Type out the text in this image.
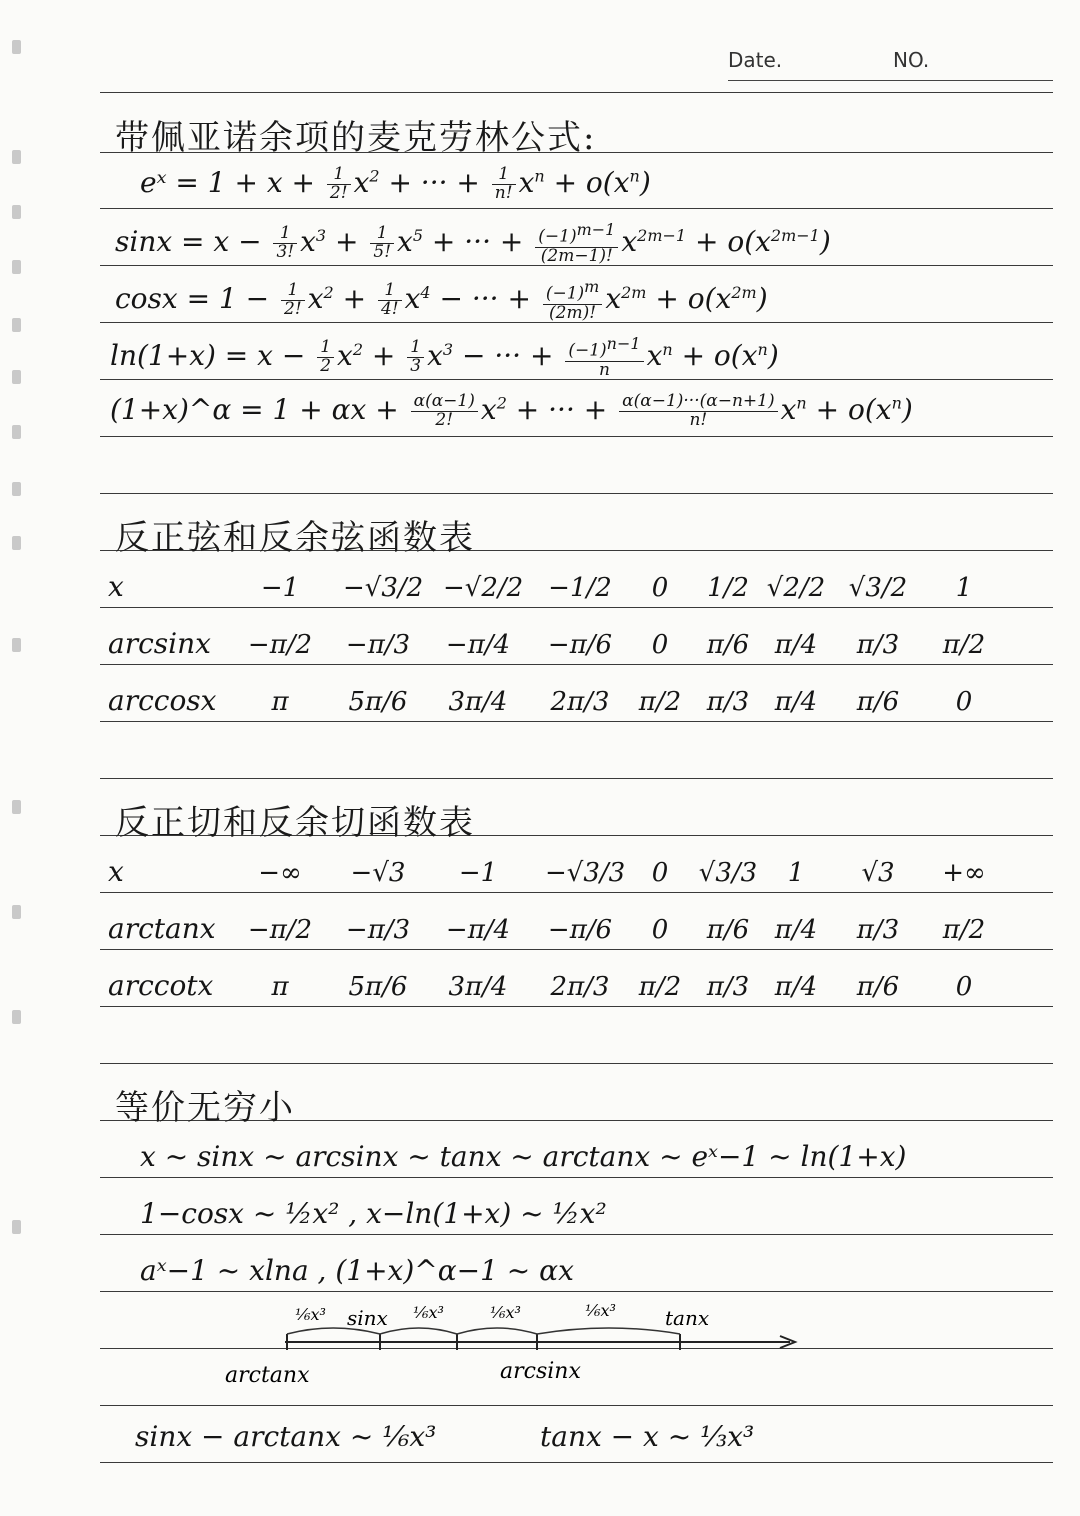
Date.	NO.
带佩亚诺余项的麦克劳林公式:
eˣ = $1 + x + \frac{1}{2!} x^2$ + ··· + $\frac{1}{n!} x^n + o(x^n)$
$\sin x = x - \frac{1}{3!} x^3 + \frac{1}{5!} x^5$ + ··· + $\frac{(-1)^{m-1}}{(2m-1)!} x^{2m-1} + o(x^{2m-1})$
$\cos x = 1 - \frac{1}{2!} x^2 + \frac{1}{4!} x^4$ − ··· + $\frac{(-1)^m}{(2m)!} x^{2m} + o(x^{2m})$
$\ln(1+x) = x - \frac{1}{2} x^2 + \frac{1}{3} x^3$ − ··· + $\frac{(-1)^{n-1}}{n} x^n + o(x^n)$
(1+x)^α = $1 + \alpha x + \frac{\alpha(\alpha-1)}{2!} x^2$ + ··· + $\frac{\alpha(\alpha-1)\cdot\cdot\cdot(\alpha-n+1)}{n!} x^n + o(x^n)$
反正弦和反余弦函数表
x	−1	−√3/2 −√2/2 −1/2	0	1/2 √2/2 √3/2	1
arcsinx −π/2 −π/3 −π/4 −π/6	0	π/6 π/4	π/3	π/2
arccosx	π	5π/6 3π/4 2π/3	π/2 π/3 π/4	π/6	0
反正切和反余切函数表
x	−∞	−√3	−1	−√3/3	0	√3/3	1	√3	+∞
arctanx −π/2 −π/3 −π/4 −π/6	0	π/6 π/4	π/3	π/2
arccotx	π	5π/6 3π/4 2π/3	π/2 π/3 π/4	π/6	0
等价无穷小
x ~ sinx ~ arcsinx ~ tanx ~ arctanx ~ eˣ−1 ~ ln(1+x)
1−cosx ~ ½x² , x−ln(1+x) ~ ½x²
aˣ−1 ~ xlna , (1+x)^α−1 ~ αx
⅙x³ sinx ⅙x³	⅙x³	⅙x³ tanx
arctanx	arcsinx
sinx − arctanx ~ ⅙x³	tanx − x ~ ⅓x³
